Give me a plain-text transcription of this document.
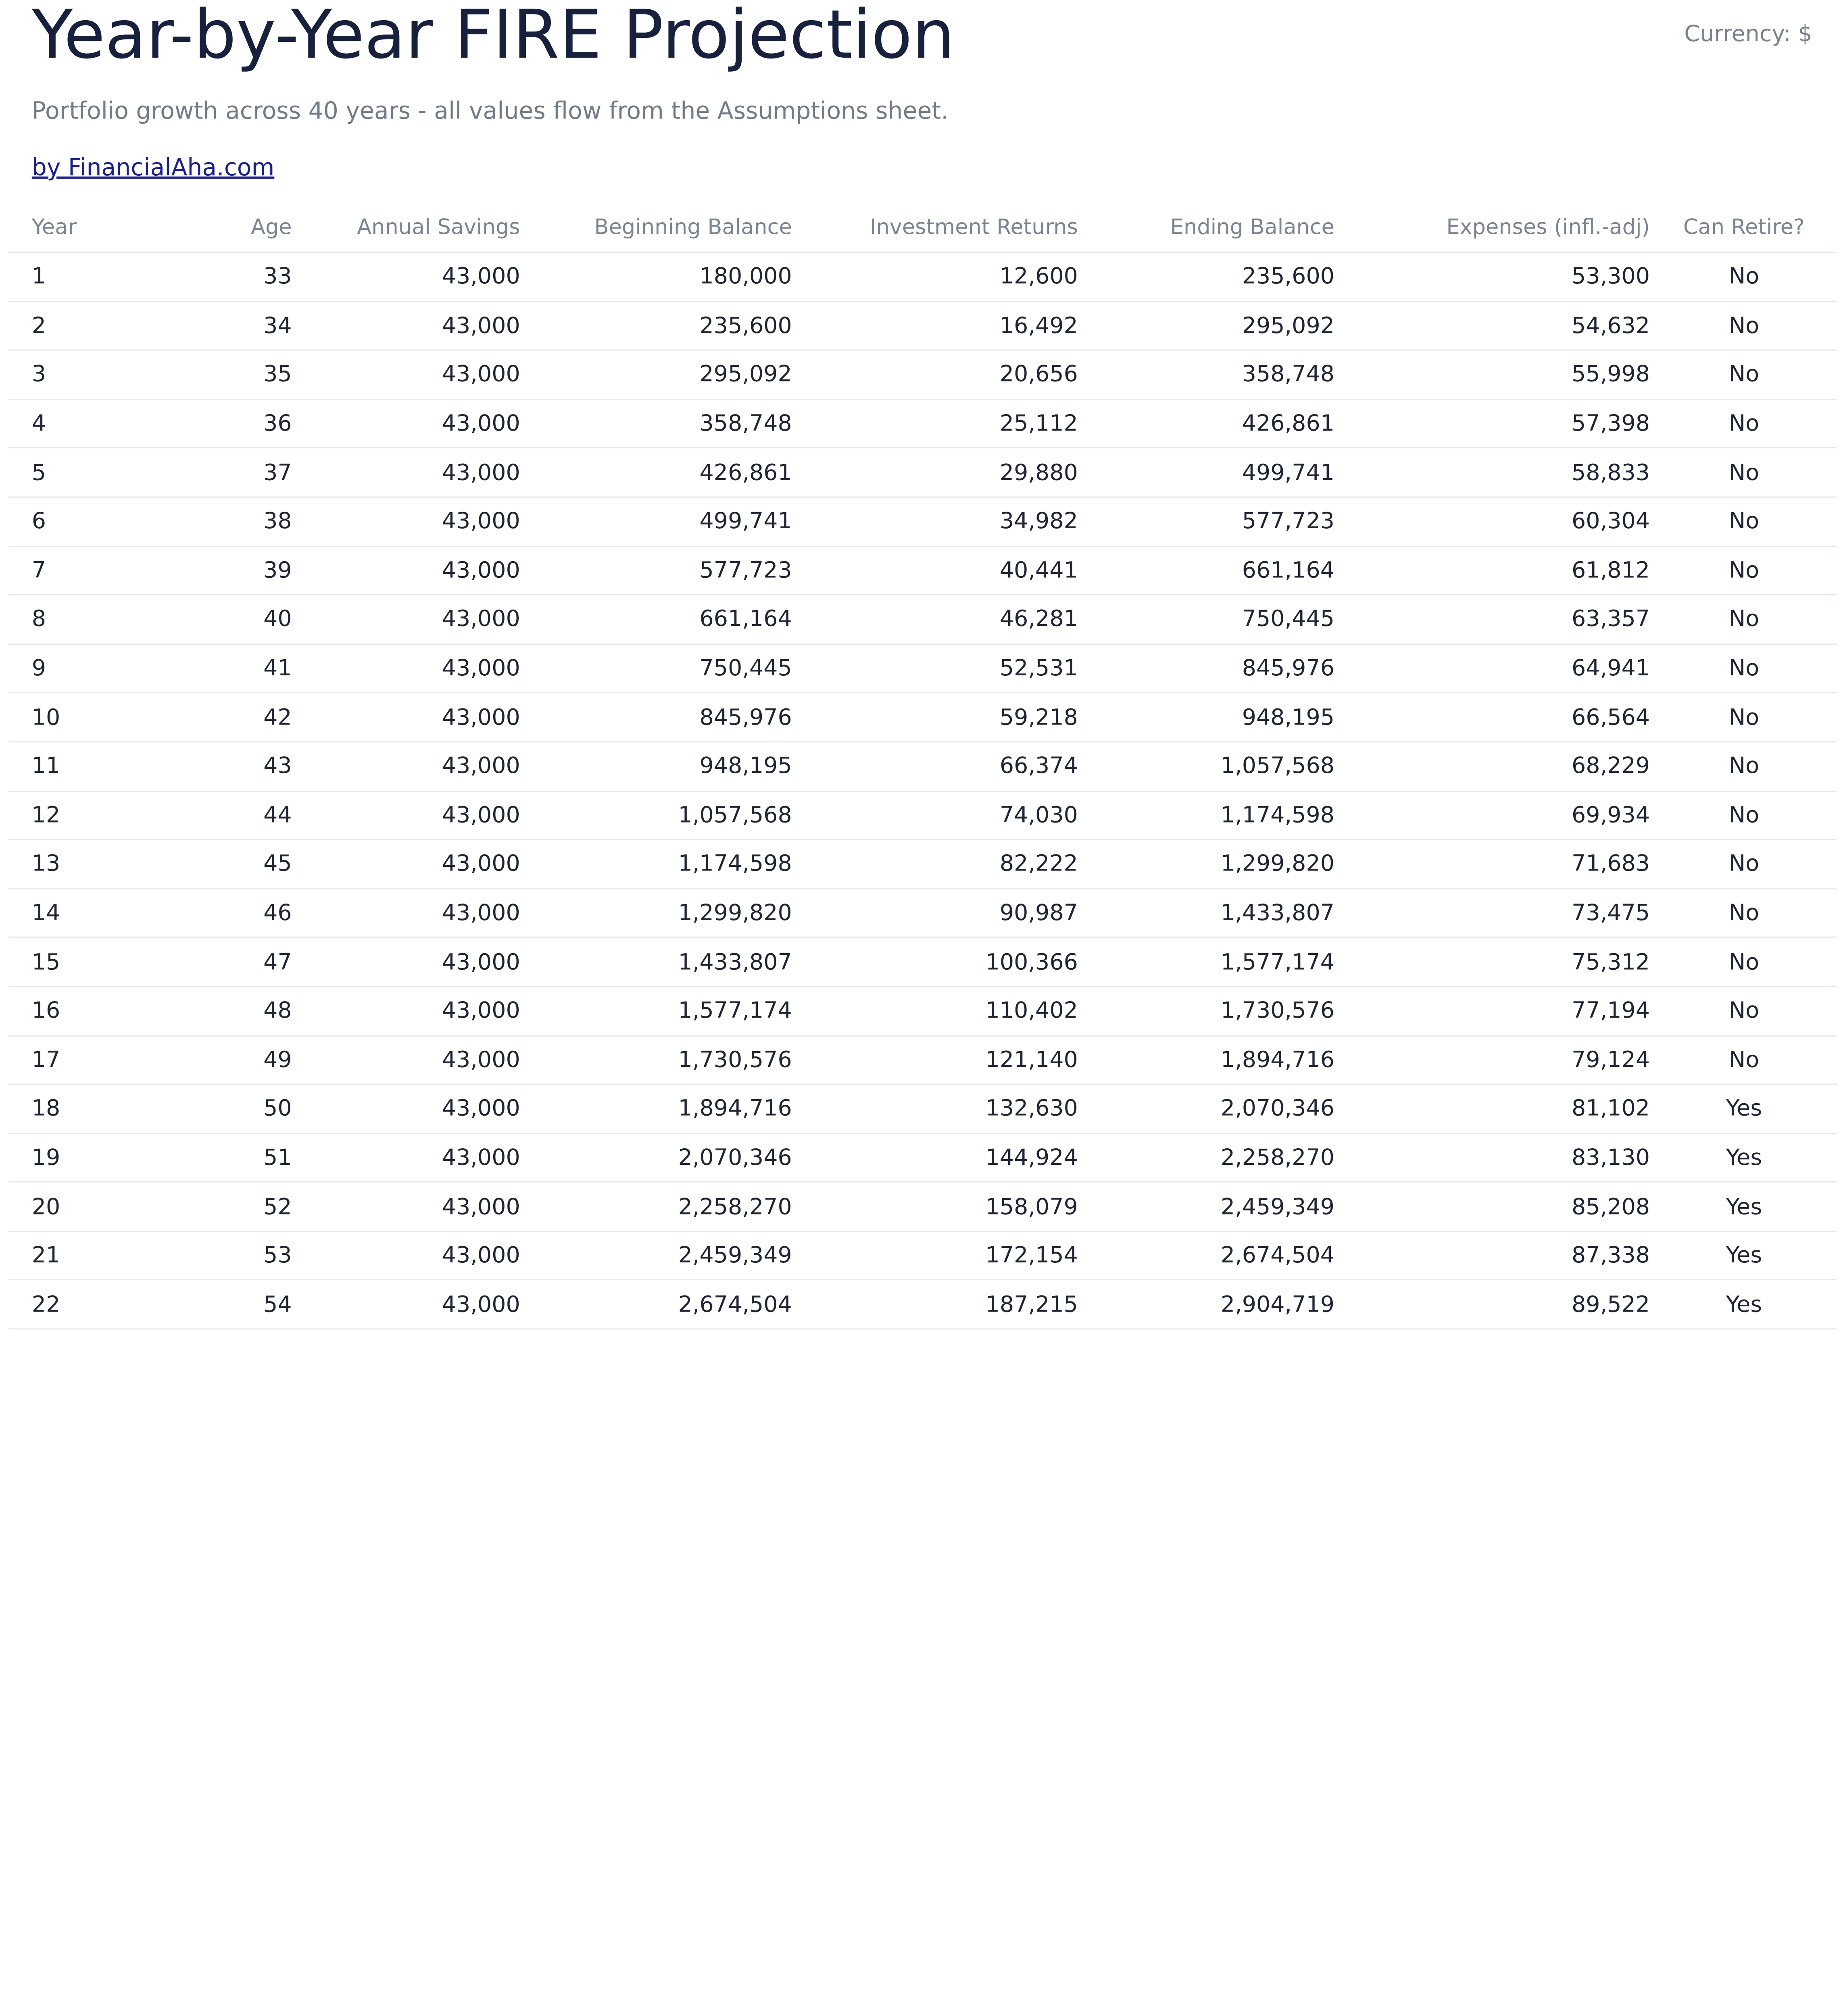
Year-by-Year FIRE Projection	Currency: $
Portfolio growth across 40 years - all values flow from the Assumptions sheet.
by FinancialAha.com
Year	Age	Annual Savings	Beginning Balance	Investment Returns	Ending Balance	Expenses (infl.-adj)	Can Retire?
1	33	43,000	180,000	12,600	235,600	53,300	No
2	34	43,000	235,600	16,492	295,092	54,632	No
3	35	43,000	295,092	20,656	358,748	55,998	No
4	36	43,000	358,748	25,112	426,861	57,398	No
5	37	43,000	426,861	29,880	499,741	58,833	No
6	38	43,000	499,741	34,982	577,723	60,304	No
7	39	43,000	577,723	40,441	661,164	61,812	No
8	40	43,000	661,164	46,281	750,445	63,357	No
9	41	43,000	750,445	52,531	845,976	64,941	No
10	42	43,000	845,976	59,218	948,195	66,564	No
11	43	43,000	948,195	66,374	1,057,568	68,229	No
12	44	43,000	1,057,568	74,030	1,174,598	69,934	No
13	45	43,000	1,174,598	82,222	1,299,820	71,683	No
14	46	43,000	1,299,820	90,987	1,433,807	73,475	No
15	47	43,000	1,433,807	100,366	1,577,174	75,312	No
16	48	43,000	1,577,174	110,402	1,730,576	77,194	No
17	49	43,000	1,730,576	121,140	1,894,716	79,124	No
18	50	43,000	1,894,716	132,630	2,070,346	81,102	Yes
19	51	43,000	2,070,346	144,924	2,258,270	83,130	Yes
20	52	43,000	2,258,270	158,079	2,459,349	85,208	Yes
21	53	43,000	2,459,349	172,154	2,674,504	87,338	Yes
22	54	43,000	2,674,504	187,215	2,904,719	89,522	Yes
